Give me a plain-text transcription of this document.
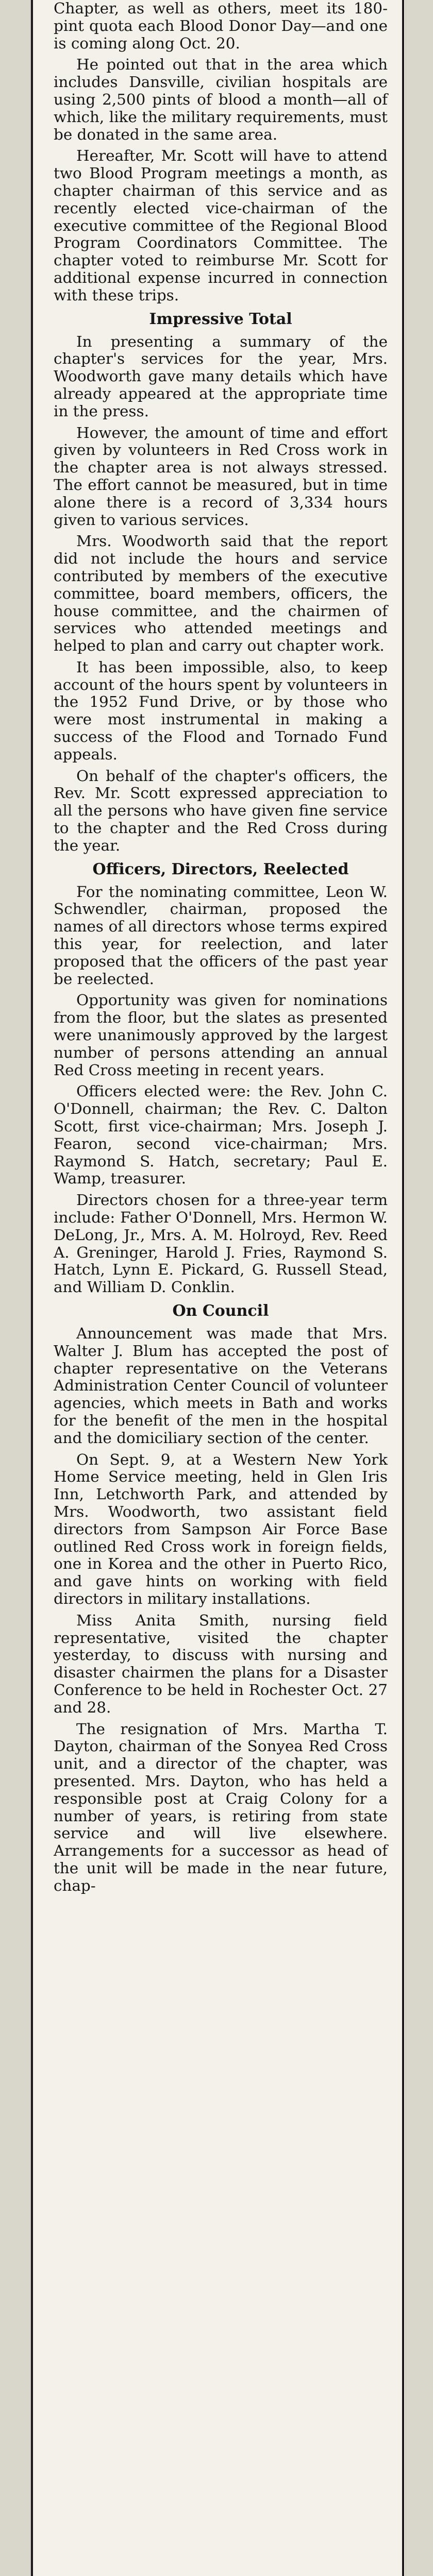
Chapter, as well as others, meet its 180-pint quota each Blood Donor Day—and one is coming along Oct. 20.

He pointed out that in the area which includes Dansville, civilian hospitals are using 2,500 pints of blood a month—all of which, like the military requirements, must be donated in the same area.

Hereafter, Mr. Scott will have to attend two Blood Program meetings a month, as chapter chairman of this service and as recently elected vice-chairman of the executive committee of the Regional Blood Program Coordinators Committee. The chapter voted to reimburse Mr. Scott for additional expense incurred in connection with these trips.

Impressive Total

In presenting a summary of the chapter's services for the year, Mrs. Woodworth gave many details which have already appeared at the appropriate time in the press.

However, the amount of time and effort given by volunteers in Red Cross work in the chapter area is not always stressed. The effort cannot be measured, but in time alone there is a record of 3,334 hours given to various services.

Mrs. Woodworth said that the report did not include the hours and service contributed by members of the executive committee, board members, officers, the house committee, and the chairmen of services who attended meetings and helped to plan and carry out chapter work.

It has been impossible, also, to keep account of the hours spent by volunteers in the 1952 Fund Drive, or by those who were most instrumental in making a success of the Flood and Tornado Fund appeals.

On behalf of the chapter's officers, the Rev. Mr. Scott expressed appreciation to all the persons who have given fine service to the chapter and the Red Cross during the year.

Officers, Directors, Reelected

For the nominating committee, Leon W. Schwendler, chairman, proposed the names of all directors whose terms expired this year, for reelection, and later proposed that the officers of the past year be reelected.

Opportunity was given for nominations from the floor, but the slates as presented were unanimously approved by the largest number of persons attending an annual Red Cross meeting in recent years.

Officers elected were: the Rev. John C. O'Donnell, chairman; the Rev. C. Dalton Scott, first vice-chairman; Mrs. Joseph J. Fearon, second vice-chairman; Mrs. Raymond S. Hatch, secretary; Paul E. Wamp, treasurer.

Directors chosen for a three-year term include: Father O'Donnell, Mrs. Hermon W. DeLong, Jr., Mrs. A. M. Holroyd, Rev. Reed A. Greninger, Harold J. Fries, Raymond S. Hatch, Lynn E. Pickard, G. Russell Stead, and William D. Conklin.

On Council

Announcement was made that Mrs. Walter J. Blum has accepted the post of chapter representative on the Veterans Administration Center Council of volunteer agencies, which meets in Bath and works for the benefit of the men in the hospital and the domiciliary section of the center.

On Sept. 9, at a Western New York Home Service meeting, held in Glen Iris Inn, Letchworth Park, and attended by Mrs. Woodworth, two assistant field directors from Sampson Air Force Base outlined Red Cross work in foreign fields, one in Korea and the other in Puerto Rico, and gave hints on working with field directors in military installations.

Miss Anita Smith, nursing field representative, visited the chapter yesterday, to discuss with nursing and disaster chairmen the plans for a Disaster Conference to be held in Rochester Oct. 27 and 28.

The resignation of Mrs. Martha T. Dayton, chairman of the Sonyea Red Cross unit, and a director of the chapter, was presented. Mrs. Dayton, who has held a responsible post at Craig Colony for a number of years, is retiring from state service and will live elsewhere. Arrangements for a successor as head of the unit will be made in the near future, chap-
